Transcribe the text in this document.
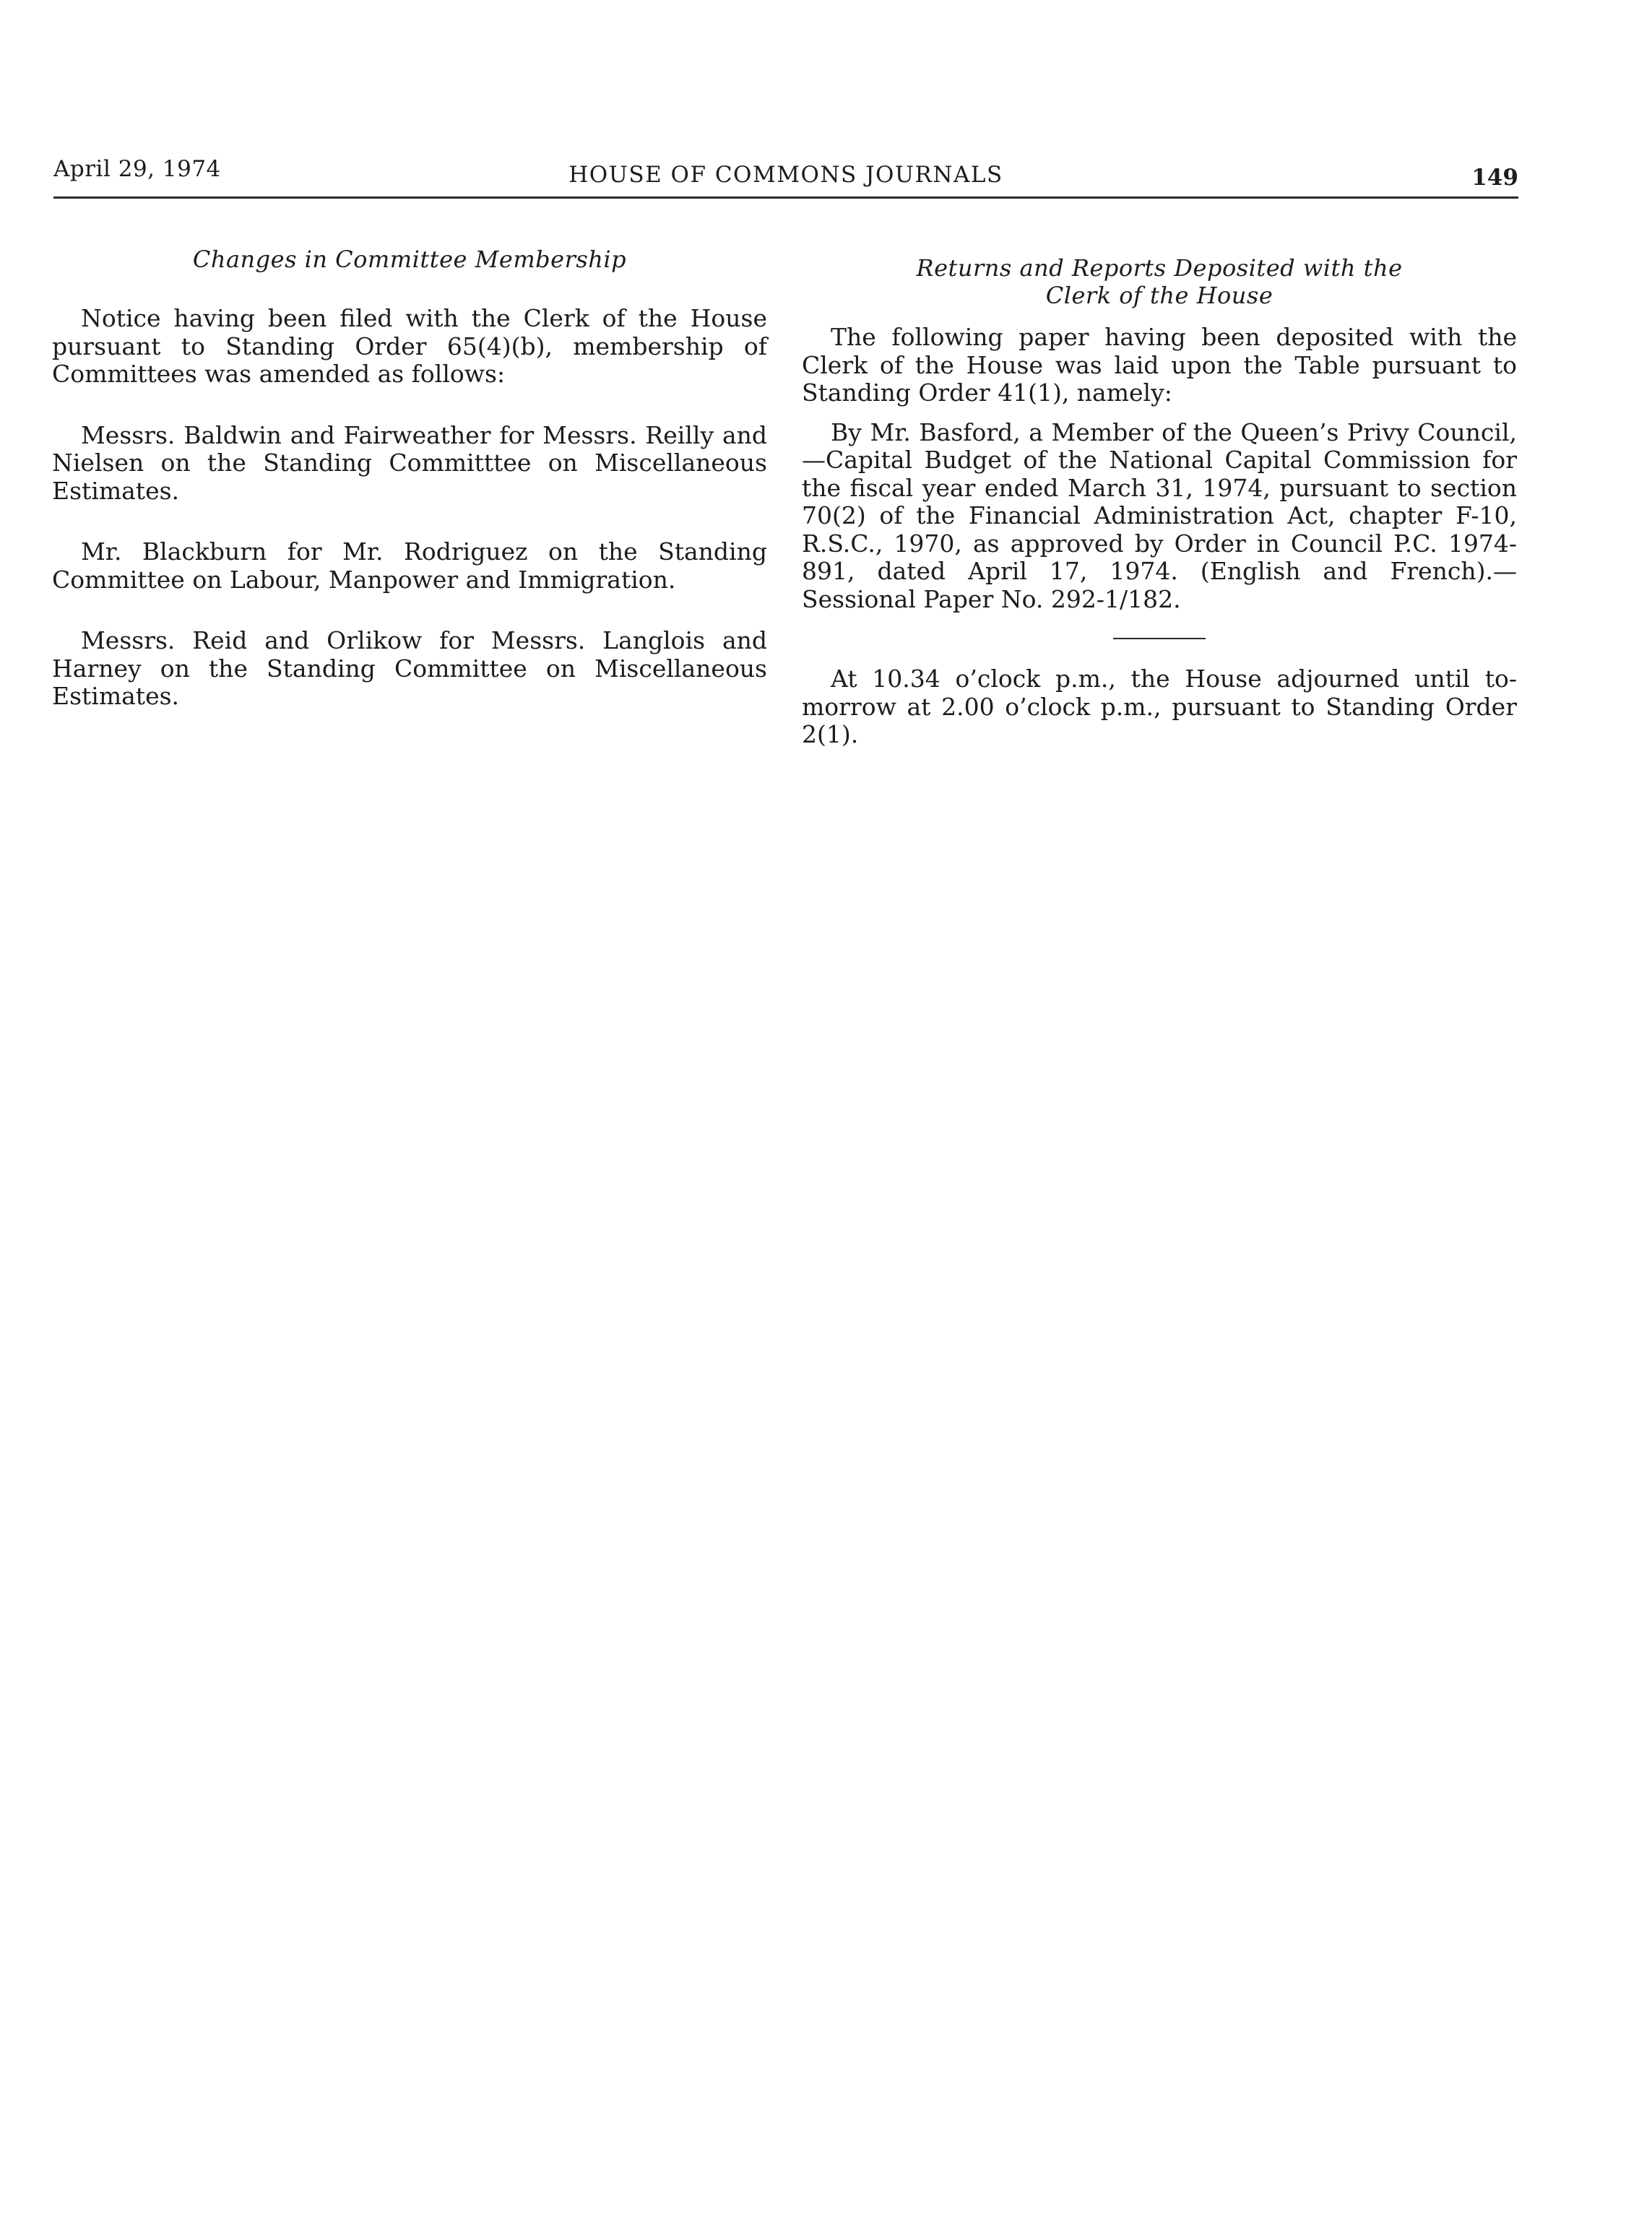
April 29, 1974	HOUSE OF COMMONS JOURNALS	149
Changes in Committee Membership

Notice having been filed with the Clerk of the House pursuant to Standing Order 65(4)(b), membership of Committees was amended as follows:

Messrs. Baldwin and Fairweather for Messrs. Reilly and Nielsen on the Standing Committtee on Miscellaneous Estimates.

Mr. Blackburn for Mr. Rodriguez on the Standing Committee on Labour, Manpower and Immigration.

Messrs. Reid and Orlikow for Messrs. Langlois and Harney on the Standing Committee on Miscellaneous Estimates.

Returns and Reports Deposited with the
Clerk of the House

The following paper having been deposited with the Clerk of the House was laid upon the Table pursuant to Standing Order 41(1), namely:

By Mr. Basford, a Member of the Queen’s Privy Council,—Capital Budget of the National Capital Commission for the fiscal year ended March 31, 1974, pursuant to section 70(2) of the Financial Administration Act, chapter F-10, R.S.C., 1970, as approved by Order in Council P.C. 1974-891, dated April 17, 1974. (English and French).—Sessional Paper No. 292-1/182.

At 10.34 o’clock p.m., the House adjourned until tomorrow at 2.00 o’clock p.m., pursuant to Standing Order 2(1).
